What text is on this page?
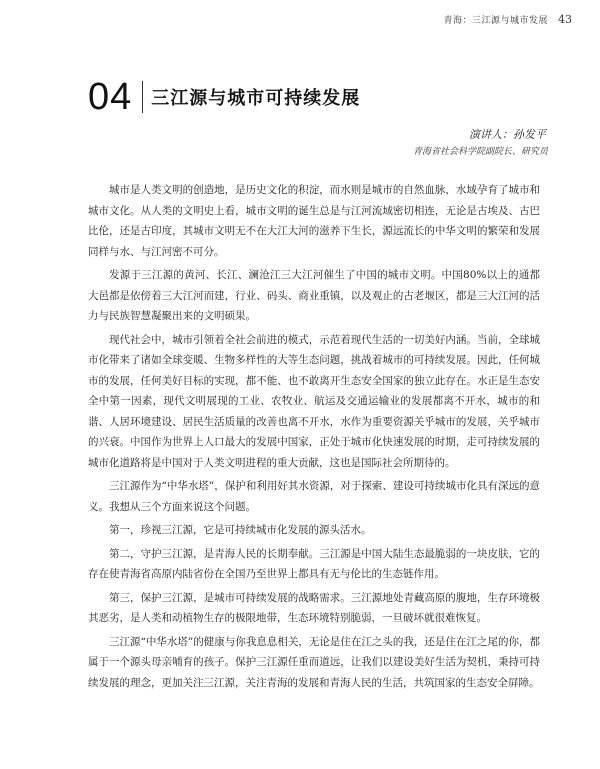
青海：三江源与城市发展 43
04 三江源与城市可持续发展
演讲人：孙发平
青海省社会科学院副院长、研究员

城市是人类文明的创造地，是历史文化的积淀，而水则是城市的自然血脉，水域孕育了城市和城市文化。从人类的文明史上看，城市文明的诞生总是与江河流域密切相连，无论是古埃及、古巴比伦，还是古印度，其城市文明无不在大江大河的滋养下生长，源远流长的中华文明的繁荣和发展同样与水、与江河密不可分。

发源于三江源的黄河、长江、澜沧江三大江河催生了中国的城市文明。中国80%以上的通都大邑都是依傍着三大江河而建，行业、码头、商业重镇，以及观止的古老堰区，都是三大江河的活力与民族智慧凝聚出来的文明硕果。

现代社会中，城市引领着全社会前进的模式，示范着现代生活的一切美好内涵。当前，全球城市化带来了诸如全球变暖、生物多样性的大等生态问题，挑战着城市的可持续发展。因此，任何城市的发展，任何美好目标的实现，都不能、也不敢离开生态安全国家的独立此存在。水正是生态安全中第一因素，现代文明展现的工业、农牧业、航运及交通运输业的发展都离不开水，城市的和谐、人居环境建设、居民生活质量的改善也离不开水，水作为重要资源关乎城市的发展，关乎城市的兴衰。中国作为世界上人口最大的发展中国家，正处于城市化快速发展的时期，走可持续发展的城市化道路将是中国对于人类文明进程的重大贡献，这也是国际社会所期待的。

三江源作为“中华水塔”，保护和利用好其水资源，对于探索、建设可持续城市化具有深远的意义。我想从三个方面来说这个问题。

第一，珍视三江源，它是可持续城市化发展的源头活水。

第二，守护三江源，是青海人民的长期奉献。三江源是中国大陆生态最脆弱的一块皮肤，它的存在使青海省高原内陆省份在全国乃至世界上都具有无与伦比的生态链作用。

第三，保护三江源，是城市可持续发展的战略需求。三江源地处青藏高原的腹地，生存环境极其恶劣，是人类和动植物生存的极限地带，生态环境特别脆弱，一旦破坏就很难恢复。

三江源“中华水塔”的健康与你我息息相关，无论是住在江之头的我，还是住在江之尾的你，都属于一个源头母亲哺育的孩子。保护三江源任重而道远，让我们以建设美好生活为契机，秉持可持续发展的理念，更加关注三江源，关注青海的发展和青海人民的生活，共筑国家的生态安全屏障。
